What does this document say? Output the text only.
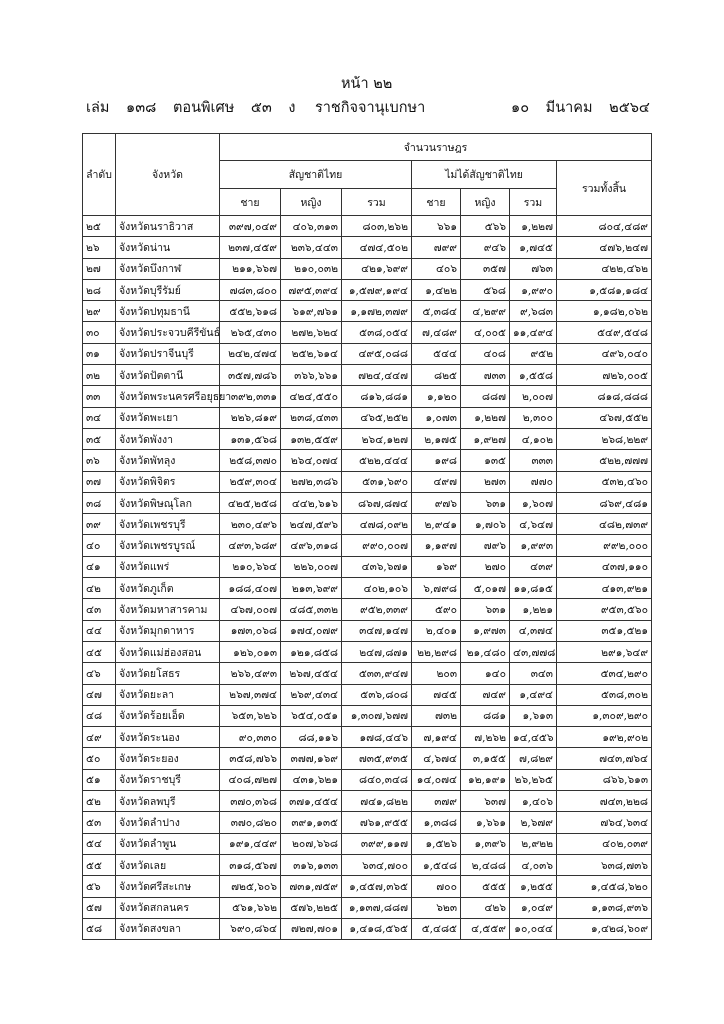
หน้า ๒๒
เล่ม ๑๓๘ ตอนพิเศษ ๕๓ ง ราชกิจจานุเบกษา	๑๐ มีนาคม ๒๕๖๔
ลำดับ	จังหวัด	จำนวนราษฎร						
		สัญชาติไทย			ไม่ได้สัญชาติไทย			รวมทั้งสิ้น
		ชาย	หญิง	รวม	ชาย	หญิง	รวม	
๒๕	จังหวัดนราธิวาส	๓๙๗,๐๔๙	๔๐๖,๓๑๓	๘๐๓,๒๖๒	๖๖๑	๕๖๖	๑,๒๒๗	๘๐๔,๔๘๙
๒๖	จังหวัดน่าน	๒๓๗,๔๕๙	๒๓๖,๔๔๓	๔๗๔,๕๐๒	๗๙๙	๙๔๖	๑,๗๔๕	๔๗๖,๒๔๗
๒๗	จังหวัดบึงกาฬ	๒๑๑,๖๖๗	๒๑๐,๐๓๒	๔๒๑,๖๙๙	๔๐๖	๓๕๗	๗๖๓	๔๒๒,๔๖๒
๒๘	จังหวัดบุรีรัมย์	๗๘๓,๘๐๐	๗๙๕,๓๙๔	๑,๕๗๙,๑๙๔	๑,๔๒๒	๕๖๘	๑,๙๙๐	๑,๕๘๑,๑๘๔
๒๙	จังหวัดปทุมธานี	๕๕๒,๖๑๘	๖๑๙,๗๖๑	๑,๑๗๒,๓๗๙	๕,๓๘๔	๔,๒๙๙	๙,๖๘๓	๑,๑๘๒,๐๖๒
๓๐	จังหวัดประจวบคีรีขันธ์	๒๖๕,๔๓๐	๒๗๒,๖๒๔	๕๓๘,๐๕๔	๗,๔๘๙	๔,๐๐๕	๑๑,๔๙๔	๕๔๙,๕๔๘
๓๑	จังหวัดปราจีนบุรี	๒๔๒,๔๗๔	๒๕๒,๖๑๔	๔๙๕,๐๘๘	๕๔๔	๔๐๘	๙๕๒	๔๙๖,๐๔๐
๓๒	จังหวัดปัตตานี	๓๕๗,๗๘๖	๓๖๖,๖๖๑	๗๒๔,๔๔๗	๘๒๕	๗๓๓	๑,๕๕๘	๗๒๖,๐๐๕
๓๓	จังหวัดพระนครศรีอยุธยา	๓๙๒,๓๓๑	๔๒๔,๕๕๐	๘๑๖,๘๘๑	๑,๑๒๐	๘๘๗	๒,๐๐๗	๘๑๘,๘๘๘
๓๔	จังหวัดพะเยา	๒๒๖,๘๑๙	๒๓๘,๔๓๓	๔๖๕,๒๕๒	๑,๐๗๓	๑,๒๒๗	๒,๓๐๐	๔๖๗,๕๕๒
๓๕	จังหวัดพังงา	๑๓๑,๕๖๘	๑๓๒,๕๕๙	๒๖๔,๑๒๗	๒,๑๗๕	๑,๙๒๗	๔,๑๐๒	๒๖๘,๒๒๙
๓๖	จังหวัดพัทลุง	๒๕๘,๓๗๐	๒๖๔,๐๗๔	๕๒๒,๔๔๔	๑๙๘	๑๓๕	๓๓๓	๕๒๒,๗๗๗
๓๗	จังหวัดพิจิตร	๒๕๙,๓๐๔	๒๗๒,๓๘๖	๕๓๑,๖๙๐	๔๙๗	๒๗๓	๗๗๐	๕๓๒,๔๖๐
๓๘	จังหวัดพิษณุโลก	๔๒๕,๒๕๘	๔๔๒,๖๑๖	๘๖๗,๘๗๔	๙๗๖	๖๓๑	๑,๖๐๗	๘๖๙,๔๘๑
๓๙	จังหวัดเพชรบุรี	๒๓๐,๔๙๖	๒๔๗,๕๙๖	๔๗๘,๐๙๒	๒,๙๔๑	๑,๗๐๖	๔,๖๔๗	๔๘๒,๗๓๙
๔๐	จังหวัดเพชรบูรณ์	๔๙๓,๖๘๙	๔๙๖,๓๑๘	๙๙๐,๐๐๗	๑,๑๙๗	๗๙๖	๑,๙๙๓	๙๙๒,๐๐๐
๔๑	จังหวัดแพร่	๒๑๐,๖๖๔	๒๒๖,๐๐๗	๔๓๖,๖๗๑	๑๖๙	๒๗๐	๔๓๙	๔๓๗,๑๑๐
๔๒	จังหวัดภูเก็ต	๑๘๘,๔๐๗	๒๑๓,๖๙๙	๔๐๒,๑๐๖	๖,๗๙๘	๕,๐๑๗	๑๑,๘๑๕	๔๑๓,๙๒๑
๔๓	จังหวัดมหาสารคาม	๔๖๗,๐๐๗	๔๘๕,๓๓๒	๙๕๒,๓๓๙	๕๙๐	๖๓๑	๑,๒๒๑	๙๕๓,๕๖๐
๔๔	จังหวัดมุกดาหาร	๑๗๓,๐๖๘	๑๗๔,๐๗๙	๓๔๗,๑๔๗	๒,๔๐๑	๑,๙๗๓	๔,๓๗๔	๓๕๑,๕๒๑
๔๕	จังหวัดแม่ฮ่องสอน	๑๒๖,๐๑๓	๑๒๑,๘๕๘	๒๔๗,๘๗๑	๒๒,๒๙๘	๒๑,๔๘๐	๔๓,๗๗๘	๒๙๑,๖๔๙
๔๖	จังหวัดยโสธร	๒๖๖,๔๙๓	๒๖๗,๔๕๔	๕๓๓,๙๔๗	๒๐๓	๑๔๐	๓๔๓	๕๓๔,๒๙๐
๔๗	จังหวัดยะลา	๒๖๗,๓๗๔	๒๖๙,๔๓๔	๕๓๖,๘๐๘	๗๔๕	๗๔๙	๑,๔๙๔	๕๓๘,๓๐๒
๔๘	จังหวัดร้อยเอ็ด	๖๕๓,๖๒๖	๖๕๔,๐๕๑	๑,๓๐๗,๖๗๗	๗๓๒	๘๘๑	๑,๖๑๓	๑,๓๐๙,๒๙๐
๔๙	จังหวัดระนอง	๙๐,๓๓๐	๘๘,๑๑๖	๑๗๘,๔๔๖	๗,๑๙๔	๗,๒๖๒	๑๔,๔๕๖	๑๙๒,๙๐๒
๕๐	จังหวัดระยอง	๓๕๘,๗๖๖	๓๗๗,๑๖๙	๗๓๕,๙๓๕	๔,๖๗๔	๓,๑๕๕	๗,๘๒๙	๗๔๓,๗๖๔
๕๑	จังหวัดราชบุรี	๔๐๘,๗๒๗	๔๓๑,๖๒๑	๘๔๐,๓๔๘	๑๔,๐๗๔	๑๒,๑๙๑	๒๖,๒๖๕	๘๖๖,๖๑๓
๕๒	จังหวัดลพบุรี	๓๗๐,๓๖๘	๓๗๑,๔๕๔	๗๔๑,๘๒๒	๓๗๙	๖๓๗	๑,๔๐๖	๗๔๓,๒๒๘
๕๓	จังหวัดลำปาง	๓๗๐,๘๒๐	๓๙๑,๑๓๕	๗๖๑,๙๕๕	๑,๓๘๘	๑,๖๖๑	๒,๖๗๙	๗๖๔,๖๓๔
๕๔	จังหวัดลำพูน	๑๙๑,๔๔๙	๒๐๗,๖๖๘	๓๙๙,๑๑๗	๑,๕๒๖	๑,๓๙๖	๒,๙๒๒	๔๐๒,๐๓๙
๕๕	จังหวัดเลย	๓๑๘,๕๖๗	๓๑๖,๑๓๓	๖๓๔,๗๐๐	๑,๕๔๘	๒,๔๘๘	๔,๐๓๖	๖๓๘,๗๓๖
๕๖	จังหวัดศรีสะเกษ	๗๒๕,๖๐๖	๗๓๑,๗๕๙	๑,๔๕๗,๓๖๕	๗๐๐	๕๕๕	๑,๒๕๕	๑,๔๕๘,๖๒๐
๕๗	จังหวัดสกลนคร	๕๖๑,๖๖๒	๕๗๖,๒๒๕	๑,๑๓๗,๘๘๗	๖๒๓	๔๒๖	๑,๐๔๙	๑,๑๓๘,๙๓๖
๕๘	จังหวัดสงขลา	๖๙๐,๘๖๔	๗๒๗,๗๐๑	๑,๔๑๘,๕๖๕	๕,๔๘๕	๔,๕๕๙	๑๐,๐๔๔	๑,๔๒๘,๖๐๙
